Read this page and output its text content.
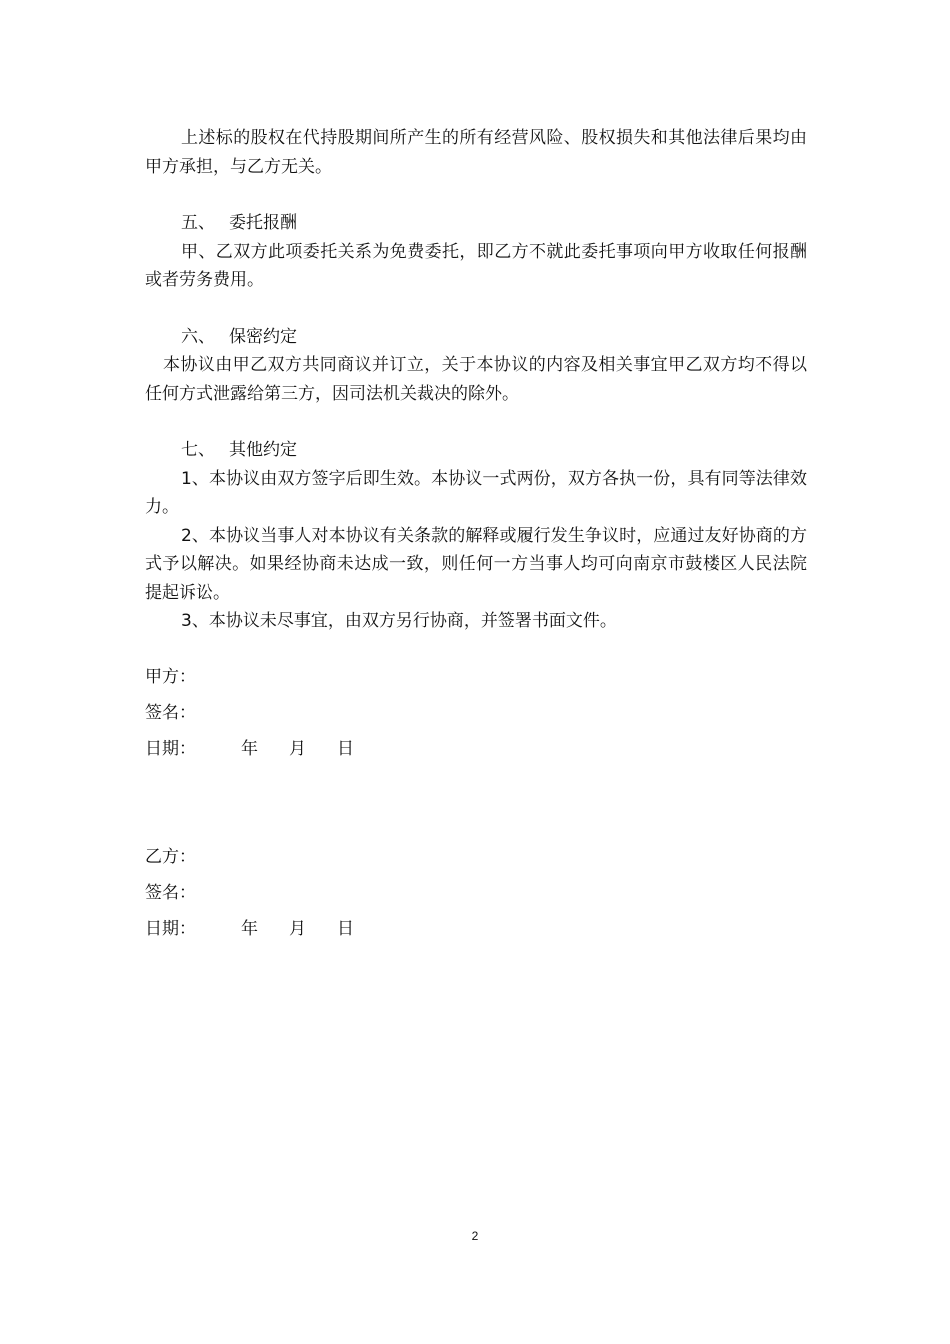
上述标的股权在代持股期间所产生的所有经营风险、股权损失和其他法律后果均由甲方承担，与乙方无关。

五、 委托报酬

甲、乙双方此项委托关系为免费委托，即乙方不就此委托事项向甲方收取任何报酬或者劳务费用。

六、 保密约定

本协议由甲乙双方共同商议并订立，关于本协议的内容及相关事宜甲乙双方均不得以任何方式泄露给第三方，因司法机关裁决的除外。

七、 其他约定

1、本协议由双方签字后即生效。本协议一式两份，双方各执一份，具有同等法律效力。

2、本协议当事人对本协议有关条款的解释或履行发生争议时，应通过友好协商的方式予以解决。如果经协商未达成一致，则任何一方当事人均可向南京市鼓楼区人民法院提起诉讼。

3、本协议未尽事宜，由双方另行协商，并签署书面文件。

甲方：
签名：
日期：	年 月 日
乙方：
签名：
日期：	年 月 日
2
